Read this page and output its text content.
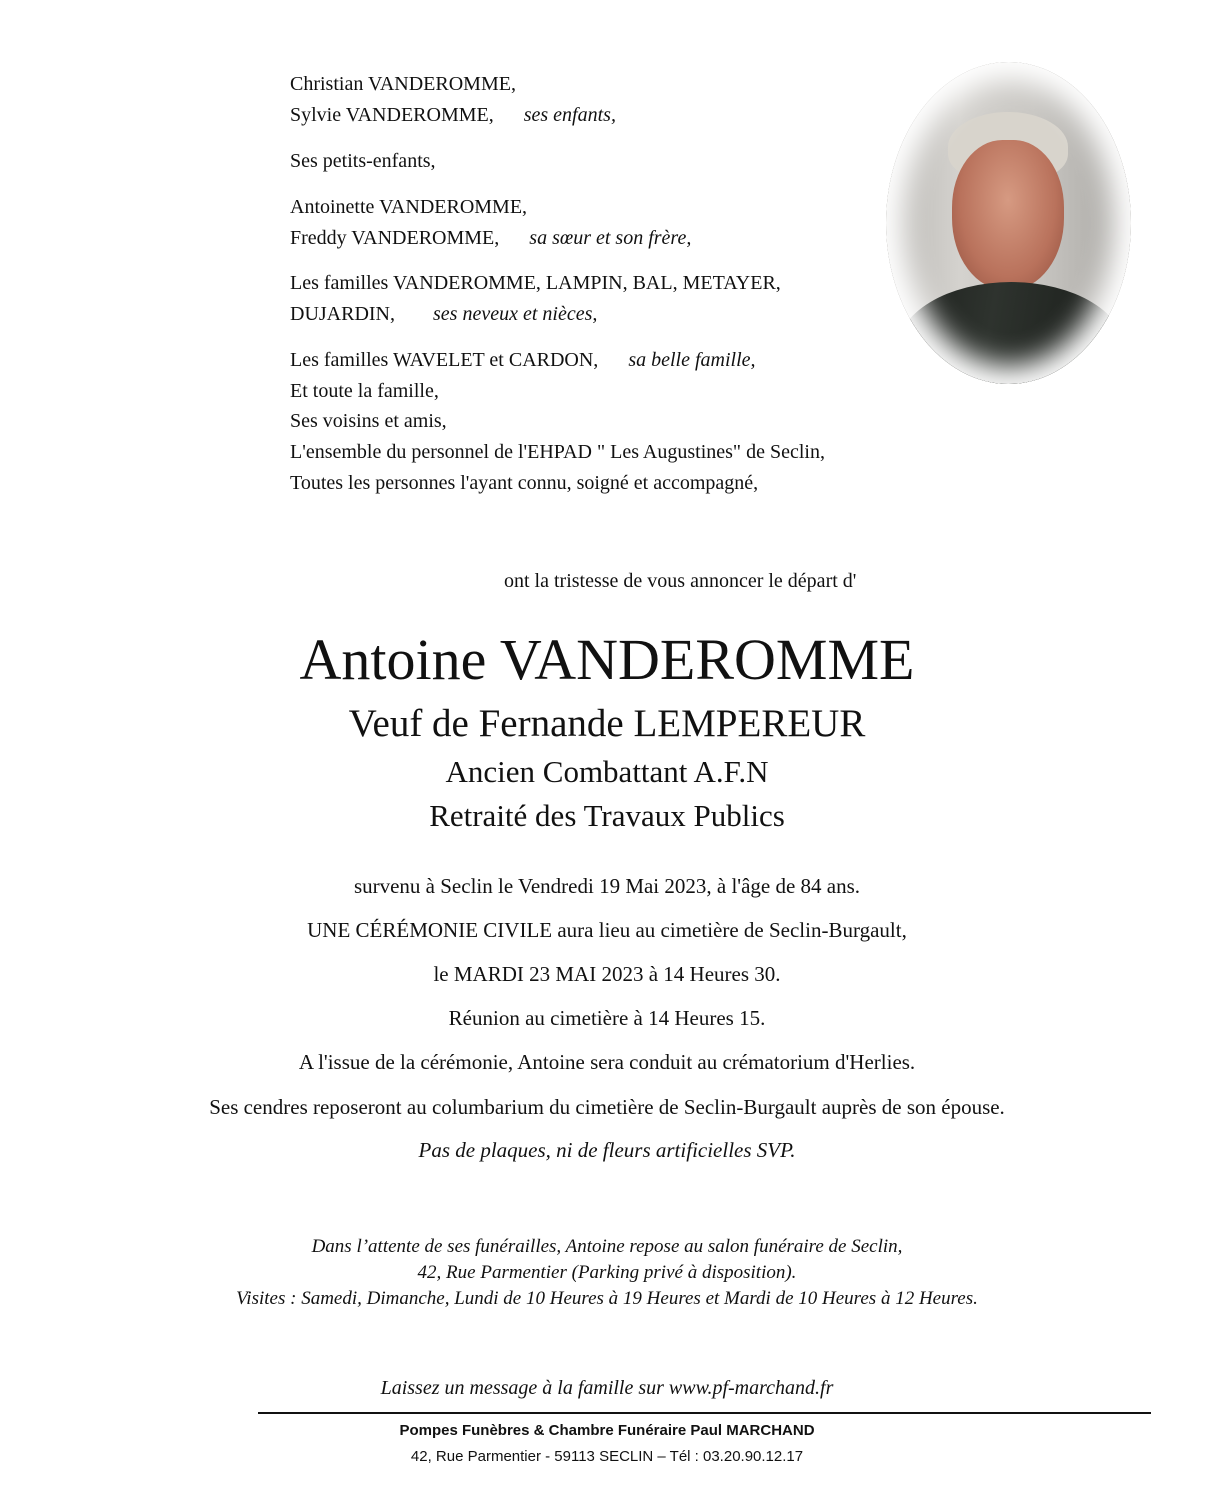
Christian VANDEROMME,
Sylvie VANDEROMME, ses enfants,
Ses petits-enfants,
Antoinette VANDEROMME,
Freddy VANDEROMME, sa sœur et son frère,
Les familles VANDEROMME, LAMPIN, BAL, METAYER,
DUJARDIN, ses neveux et nièces,
Les familles WAVELET et CARDON, sa belle famille,
Et toute la famille,
Ses voisins et amis,
L'ensemble du personnel de l'EHPAD " Les Augustines" de Seclin,
Toutes les personnes l'ayant connu, soigné et accompagné,
ont la tristesse de vous annoncer le départ d'
Antoine VANDEROMME
Veuf de Fernande LEMPEREUR
Ancien Combattant A.F.N
Retraité des Travaux Publics
survenu à Seclin le Vendredi 19 Mai 2023, à l'âge de 84 ans.
UNE CÉRÉMONIE CIVILE aura lieu au cimetière de Seclin-Burgault,
le MARDI 23 MAI 2023 à 14 Heures 30.
Réunion au cimetière à 14 Heures 15.
A l'issue de la cérémonie, Antoine sera conduit au crématorium d'Herlies.
Ses cendres reposeront au columbarium du cimetière de Seclin-Burgault auprès de son épouse.
Pas de plaques, ni de fleurs artificielles SVP.
Dans l’attente de ses funérailles, Antoine repose au salon funéraire de Seclin,
42, Rue Parmentier (Parking privé à disposition).
Visites : Samedi, Dimanche, Lundi de 10 Heures à 19 Heures et Mardi de 10 Heures à 12 Heures.
Laissez un message à la famille sur www.pf-marchand.fr
Pompes Funèbres & Chambre Funéraire Paul MARCHAND
42, Rue Parmentier - 59113 SECLIN – Tél : 03.20.90.12.17
